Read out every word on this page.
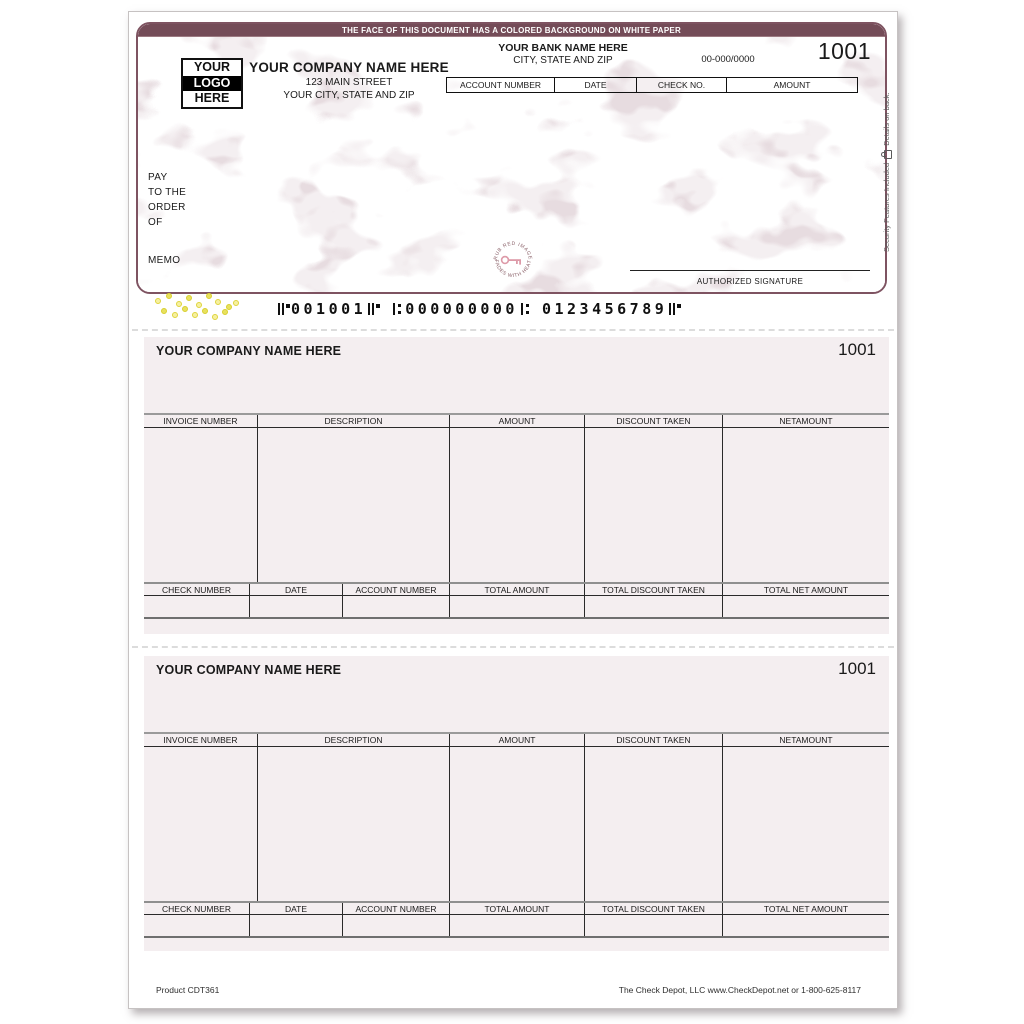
THE FACE OF THIS DOCUMENT HAS A COLORED BACKGROUND ON WHITE PAPER
YOUR
LOGO
HERE
YOUR COMPANY NAME HERE
123 MAIN STREET
YOUR CITY, STATE AND ZIP
YOUR BANK NAME HERE
CITY, STATE AND ZIP	00-000/0000	1001
ACCOUNT NUMBER	DATE	CHECK NO.	AMOUNT
PAY
TO THE
ORDER
OF
MEMO	RUB RED IMAGE
FADES WITH HEAT
AUTHORIZED SIGNATURE
Security Features Included
Details on back.
001001	000000000 0123456789
YOUR COMPANY NAME HERE	1001
INVOICE NUMBER	DESCRIPTION	AMOUNT	DISCOUNT TAKEN	NETAMOUNT
CHECK NUMBER	DATE	ACCOUNT NUMBER	TOTAL AMOUNT	TOTAL DISCOUNT TAKEN	TOTAL NET AMOUNT
YOUR COMPANY NAME HERE	1001
INVOICE NUMBER	DESCRIPTION	AMOUNT	DISCOUNT TAKEN	NETAMOUNT
CHECK NUMBER	DATE	ACCOUNT NUMBER	TOTAL AMOUNT	TOTAL DISCOUNT TAKEN	TOTAL NET AMOUNT
Product CDT361	The Check Depot, LLC www.CheckDepot.net or 1-800-625-8117
